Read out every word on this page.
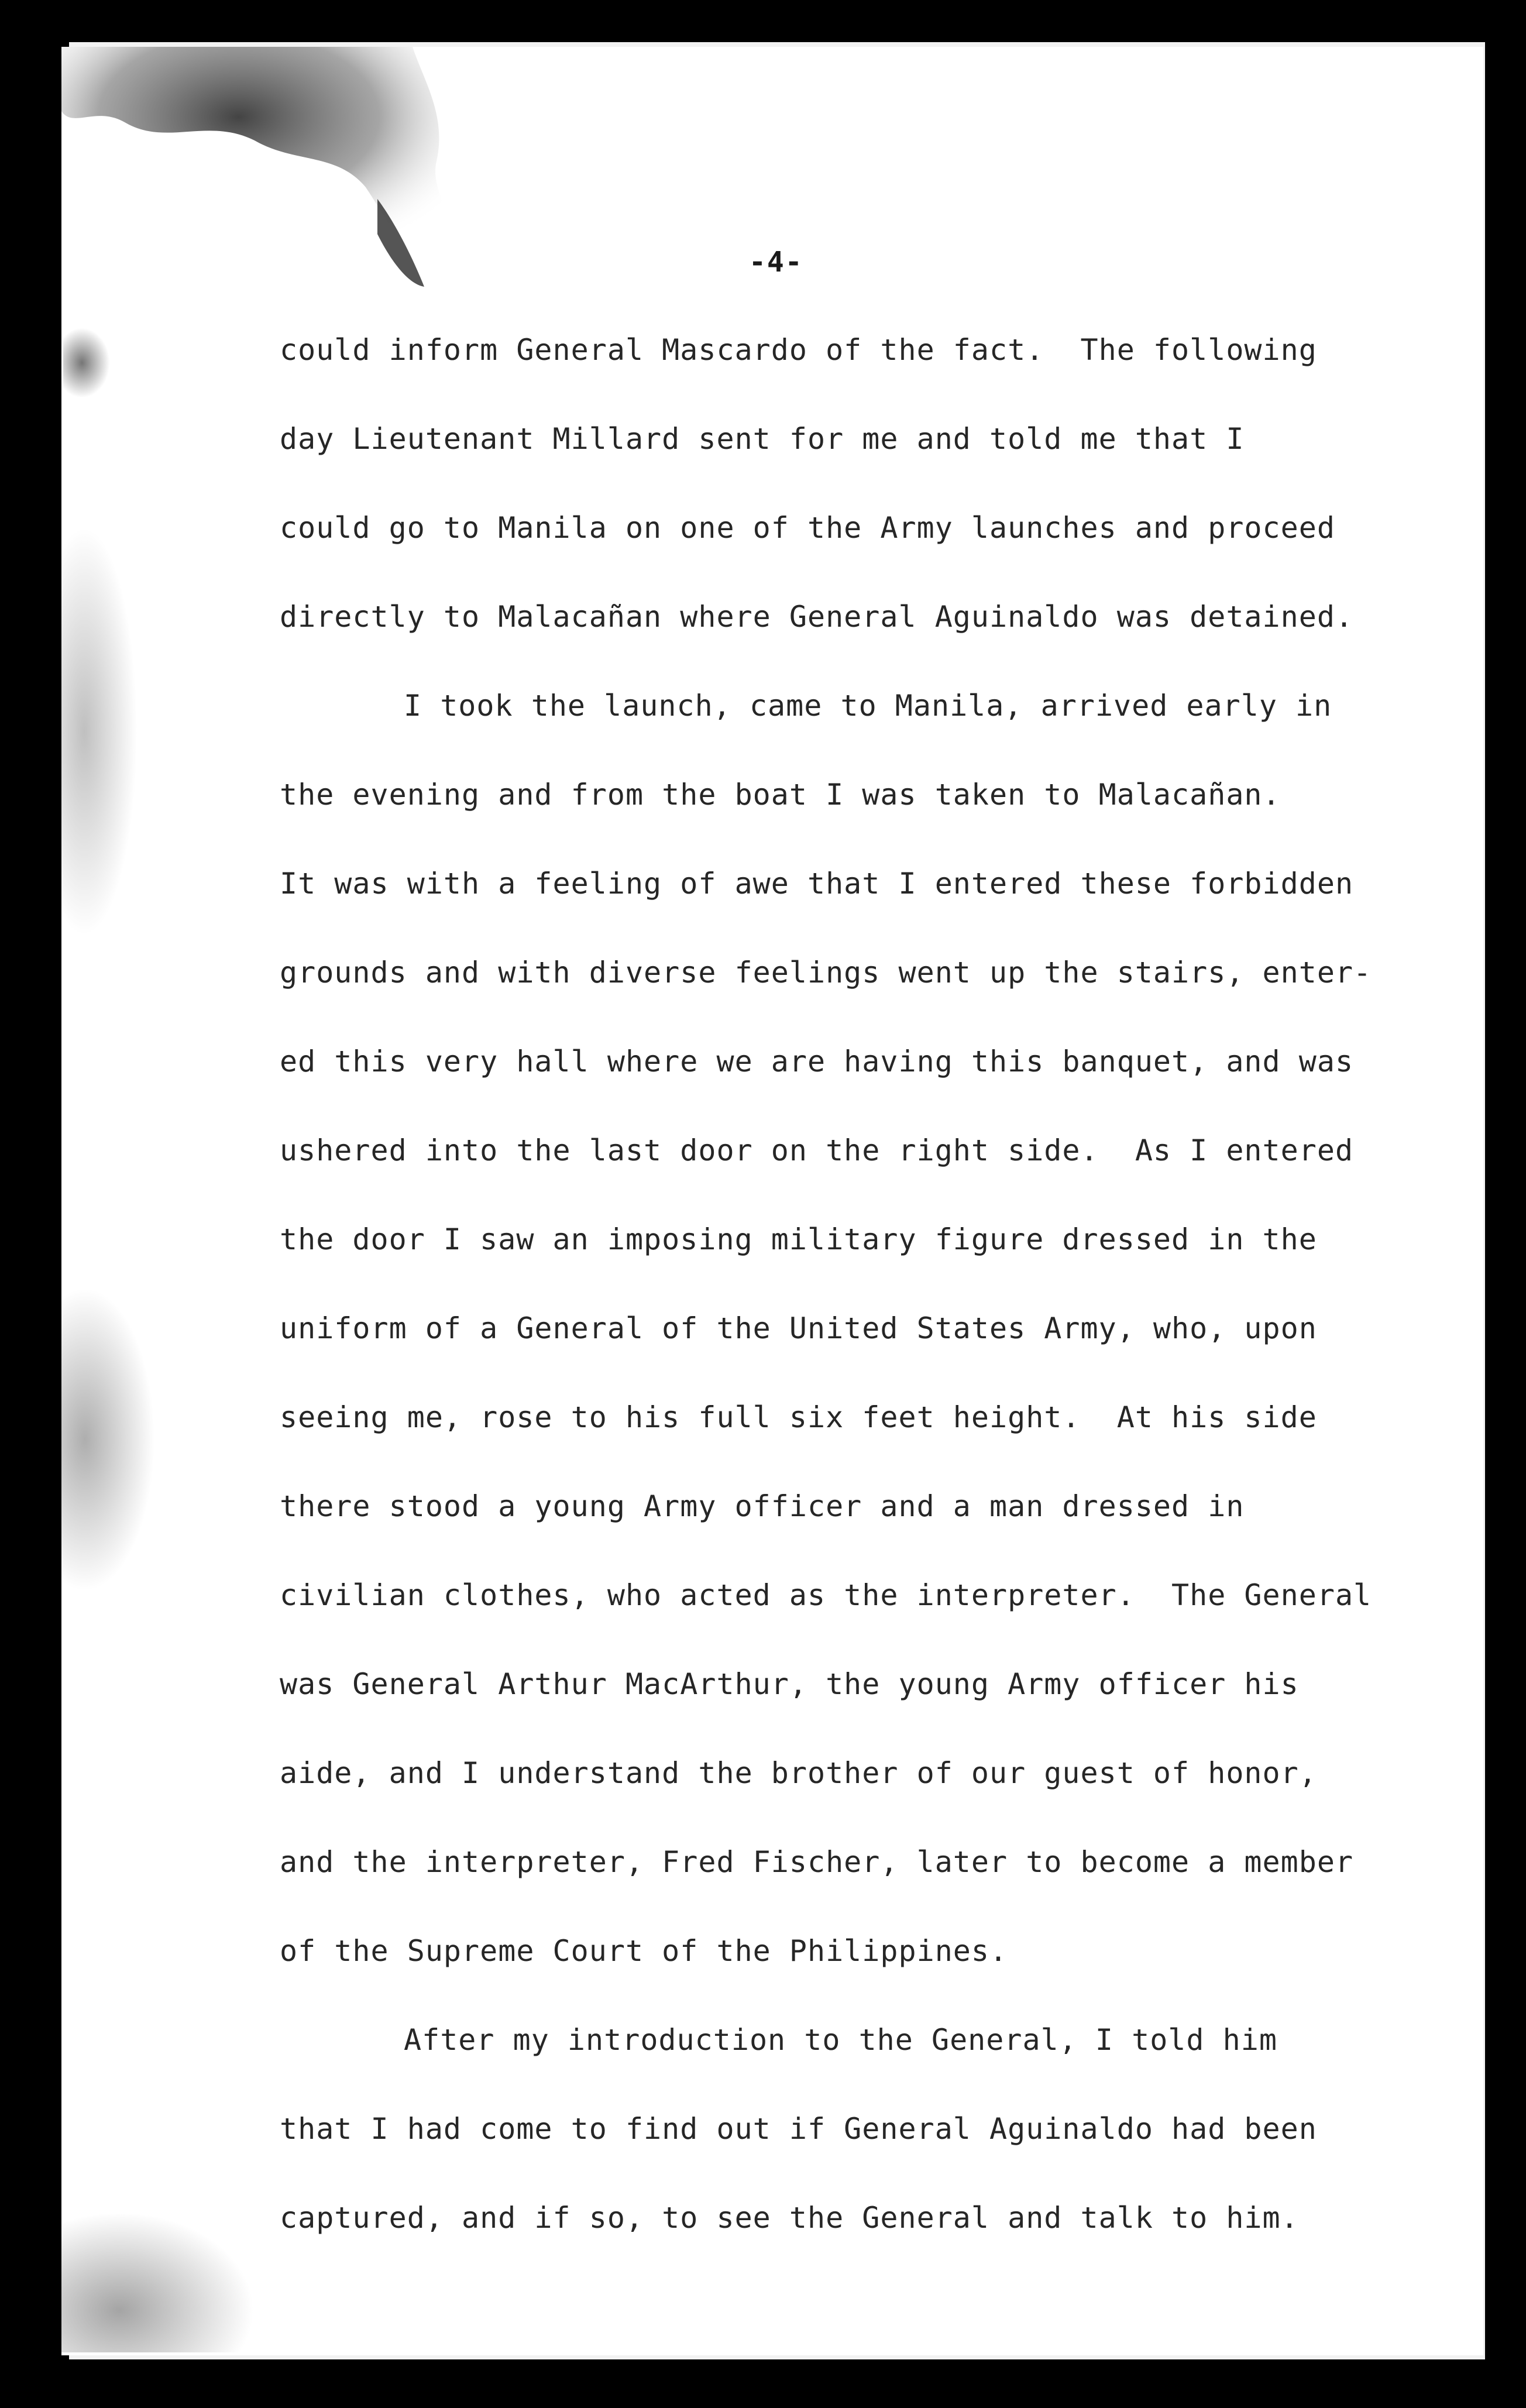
-4-
could inform General Mascardo of the fact.  The following
day Lieutenant Millard sent for me and told me that I
could go to Manila on one of the Army launches and proceed
directly to Malacañan where General Aguinaldo was detained.
I took the launch, came to Manila, arrived early in
the evening and from the boat I was taken to Malacañan.
It was with a feeling of awe that I entered these forbidden
grounds and with diverse feelings went up the stairs, enter-
ed this very hall where we are having this banquet, and was
ushered into the last door on the right side.  As I entered
the door I saw an imposing military figure dressed in the
uniform of a General of the United States Army, who, upon
seeing me, rose to his full six feet height.  At his side
there stood a young Army officer and a man dressed in
civilian clothes, who acted as the interpreter.  The General
was General Arthur MacArthur, the young Army officer his
aide, and I understand the brother of our guest of honor,
and the interpreter, Fred Fischer, later to become a member
of the Supreme Court of the Philippines.
After my introduction to the General, I told him
that I had come to find out if General Aguinaldo had been
captured, and if so, to see the General and talk to him.
